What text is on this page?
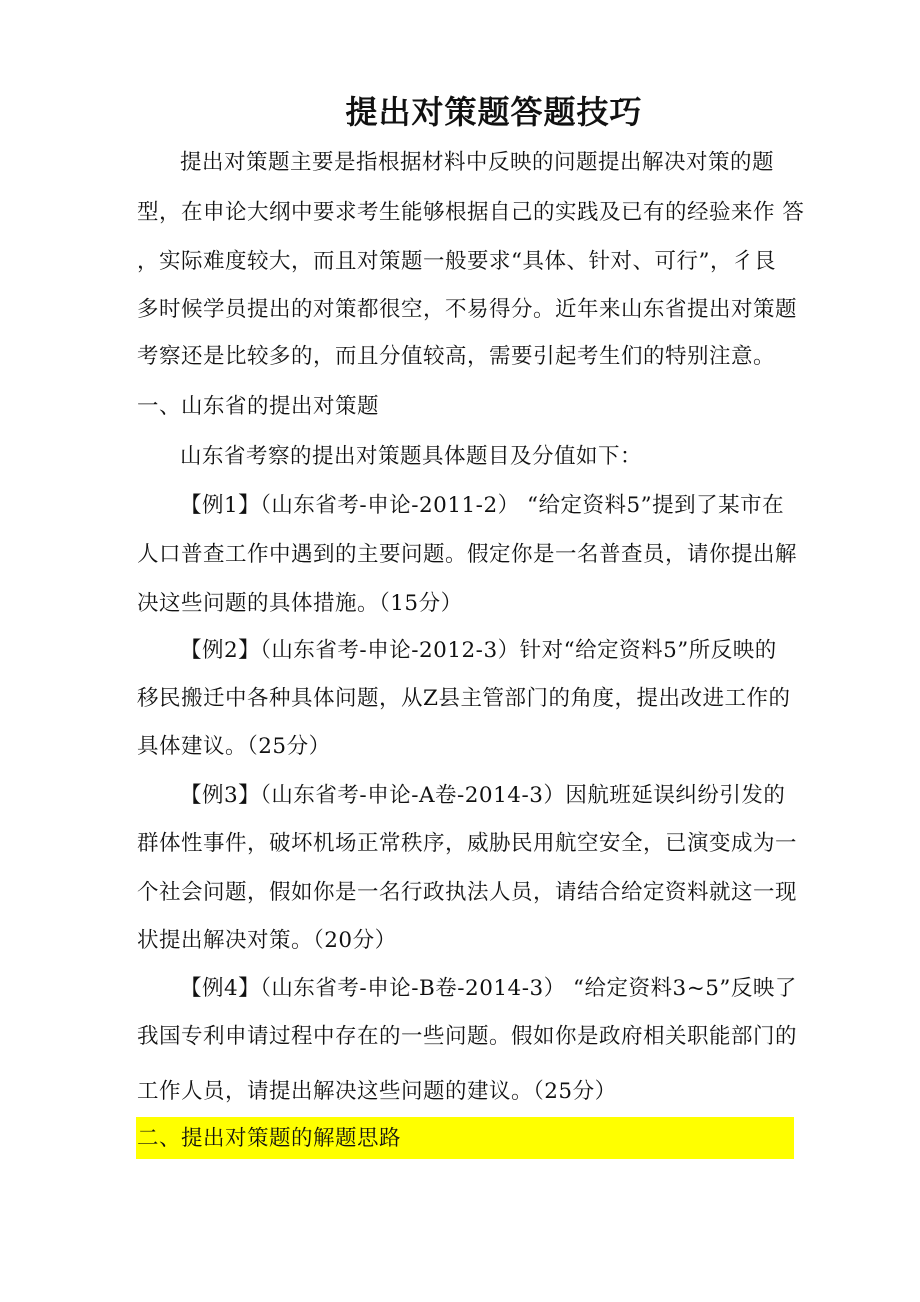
提出对策题答题技巧
提出对策题主要是指根据材料中反映的问题提出解决对策的题
型，在申论大纲中要求考生能够根据自己的实践及已有的经验来作 答
，实际难度较大，而且对策题一般要求“具体、针对、可行”，彳艮
多时候学员提出的对策都很空，不易得分。近年来山东省提出对策题
考察还是比较多的，而且分值较高，需要引起考生们的特别注意。
一、山东省的提出对策题
山东省考察的提出对策题具体题目及分值如下：
【例1】（山东省考-申论-2011-2） “给定资料5”提到了某市在
人口普查工作中遇到的主要问题。假定你是一名普查员，请你提出解
决这些问题的具体措施。（15分）
【例2】（山东省考-申论-2012-3）针对“给定资料5”所反映的
移民搬迁中各种具体问题，从Z县主管部门的角度，提出改进工作的
具体建议。（25分）
【例3】（山东省考-申论-A卷-2014-3）因航班延误纠纷引发的
群体性事件，破坏机场正常秩序，威胁民用航空安全，已演变成为一
个社会问题，假如你是一名行政执法人员，请结合给定资料就这一现
状提出解决对策。（20分）
【例4】（山东省考-申论-B卷-2014-3） “给定资料3~5”反映了
我国专利申请过程中存在的一些问题。假如你是政府相关职能部门的
工作人员，请提出解决这些问题的建议。（25分）
二、提出对策题的解题思路
